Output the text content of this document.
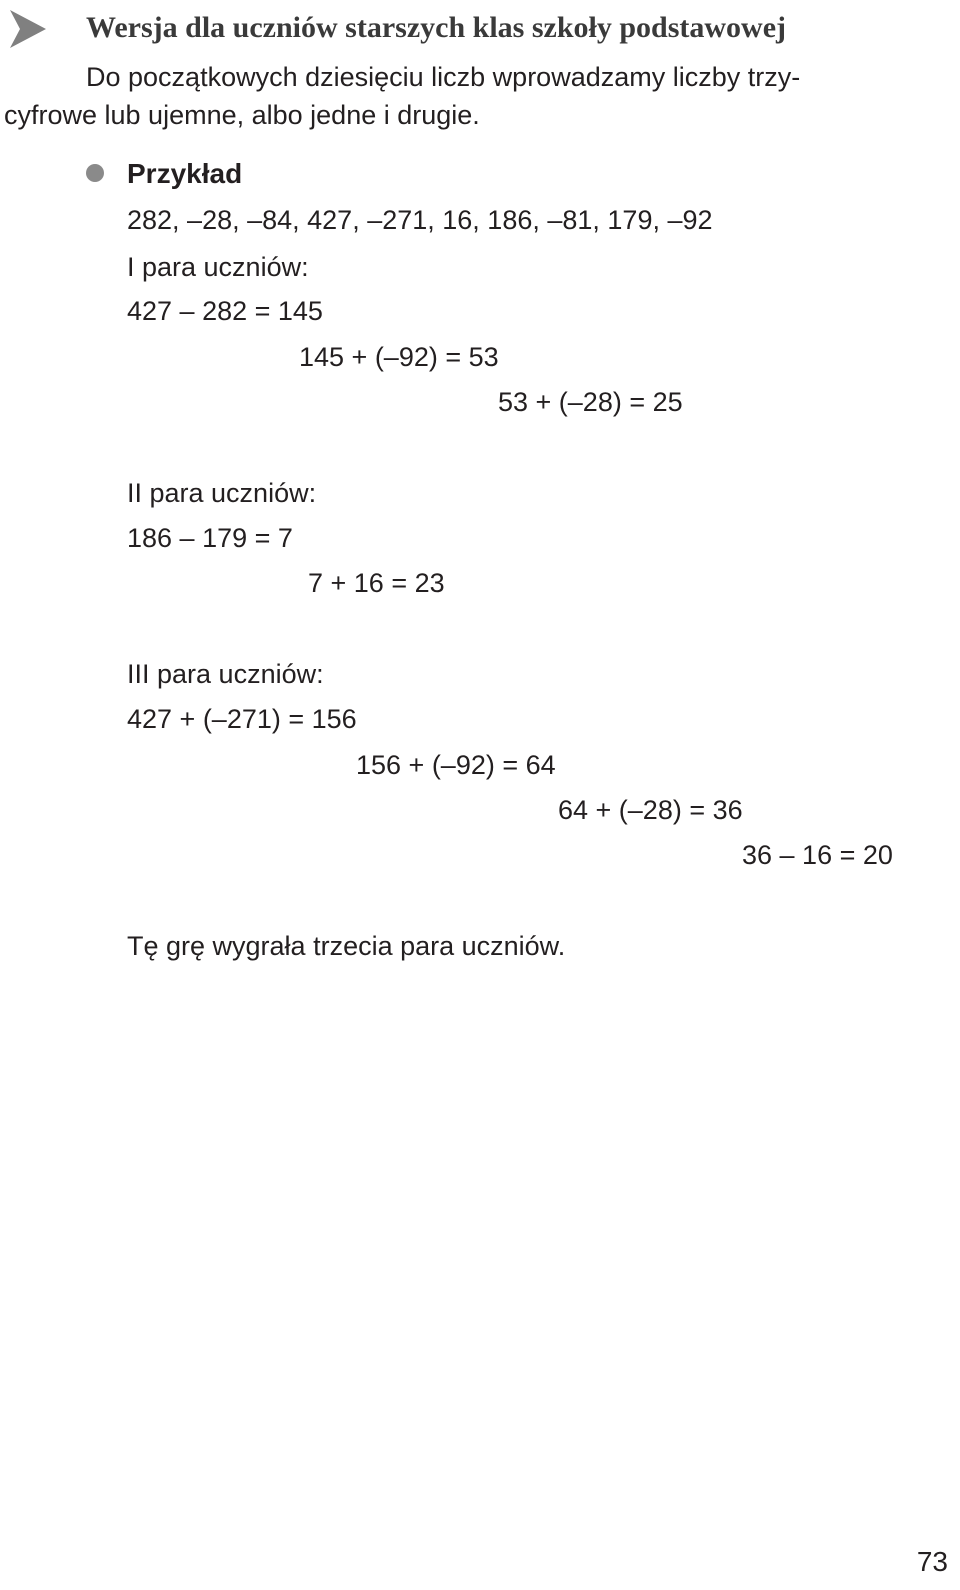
Wersja dla uczniów starszych klas szkoły podstawowej
Do początkowych dziesięciu liczb wprowadzamy liczby trzy-
cyfrowe lub ujemne, albo jedne i drugie.
Przykład
282, –28, –84, 427, –271, 16, 186, –81, 179, –92
I para uczniów:
427 – 282 = 145
145 + (–92) = 53
53 + (–28) = 25
II para uczniów:
186 – 179 = 7
7 + 16 = 23
III para uczniów:
427 + (–271) = 156
156 + (–92) = 64
64 + (–28) = 36
36 – 16 = 20
Tę grę wygrała trzecia para uczniów.
73
